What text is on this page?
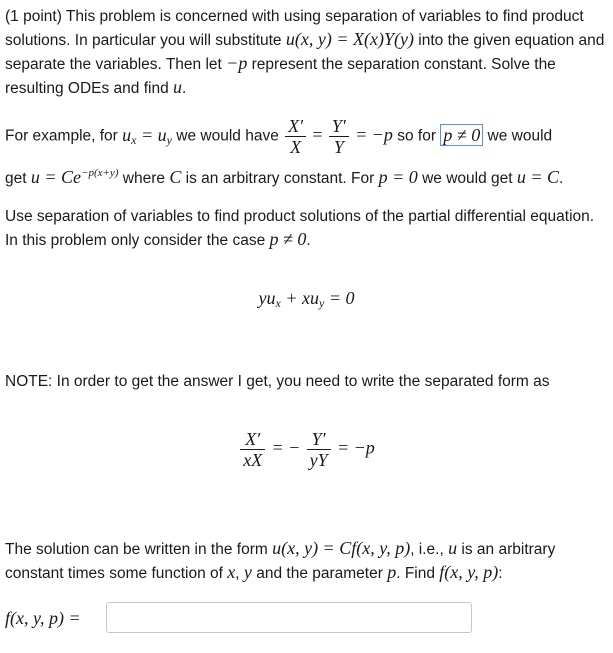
(1 point) This problem is concerned with using separation of variables to find product solutions. In particular you will substitute u(x, y) = X(x)Y(y) into the given equation and separate the variables. Then let −p represent the separation constant. Solve the resulting ODEs and find u.
For example, for $u_x = u_y$ we would have $\frac{X'}{X} = \frac{Y'}{Y} = -p$ so for p ≠ 0 we would
get $u = Ce^{-p(x+y)}$ where C is an arbitrary constant. For p = 0 we would get u = C.
Use separation of variables to find product solutions of the partial differential equation. In this problem only consider the case p ≠ 0.
$yu_x + xu_y = 0$
NOTE: In order to get the answer I get, you need to write the separated form as
$\frac{X'}{xX}$ = − $\frac{Y'}{yY} = -p$
The solution can be written in the form u(x, y) = Cf(x, y, p), i.e., u is an arbitrary constant times some function of x, y and the parameter p. Find f(x, y, p):
f(x, y, p) =
